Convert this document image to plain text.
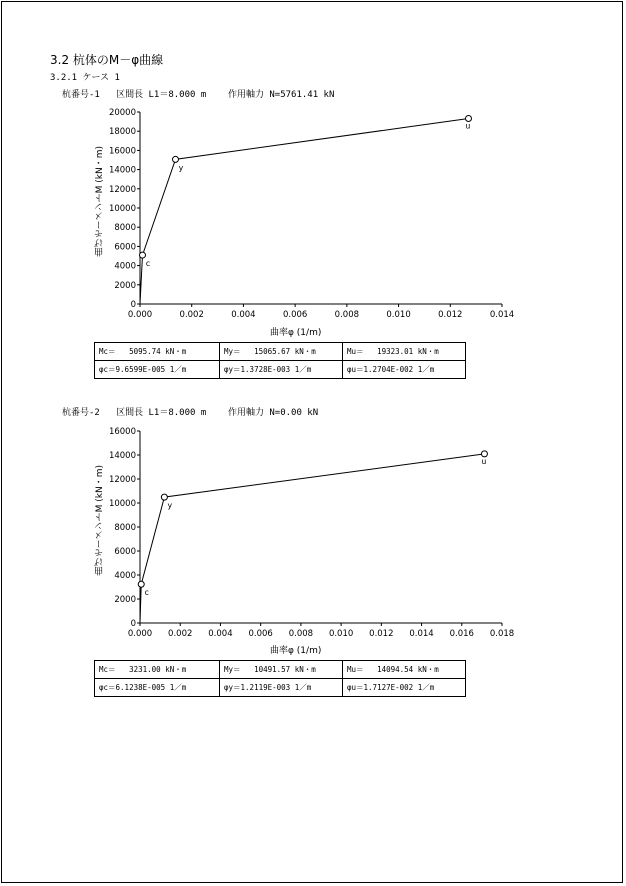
3.2 杭体のM－φ曲線
3.2.1 ケース 1
杭番号-1   区間長 L1＝8.000 m    作用軸力 N=5761.41 kN
0
2000
4000
6000
8000
10000
12000
14000
16000
18000
20000
0.000	0.002	0.004	0.006	0.008	0.010	0.012	0.014
c
y
u
曲げモーメントM (kN・m)
曲率φ (1/m)
Mc＝   5095.74 kN・m	My＝   15065.67 kN・m	Mu＝   19323.01 kN・m
φc＝9.6599E-005 1／m	φy＝1.3728E-003 1／m	φu＝1.2704E-002 1／m
杭番号-2   区間長 L1＝8.000 m    作用軸力 N=0.00 kN
0
2000
4000
6000
8000
10000
12000
14000
16000
0.000 0.002 0.004 0.006 0.008 0.010 0.012 0.014 0.016 0.018
c
y
u
曲げモーメントM (kN・m)
曲率φ (1/m)
Mc＝   3231.00 kN・m	My＝   10491.57 kN・m	Mu＝   14094.54 kN・m
φc＝6.1238E-005 1／m	φy＝1.2119E-003 1／m	φu＝1.7127E-002 1／m
